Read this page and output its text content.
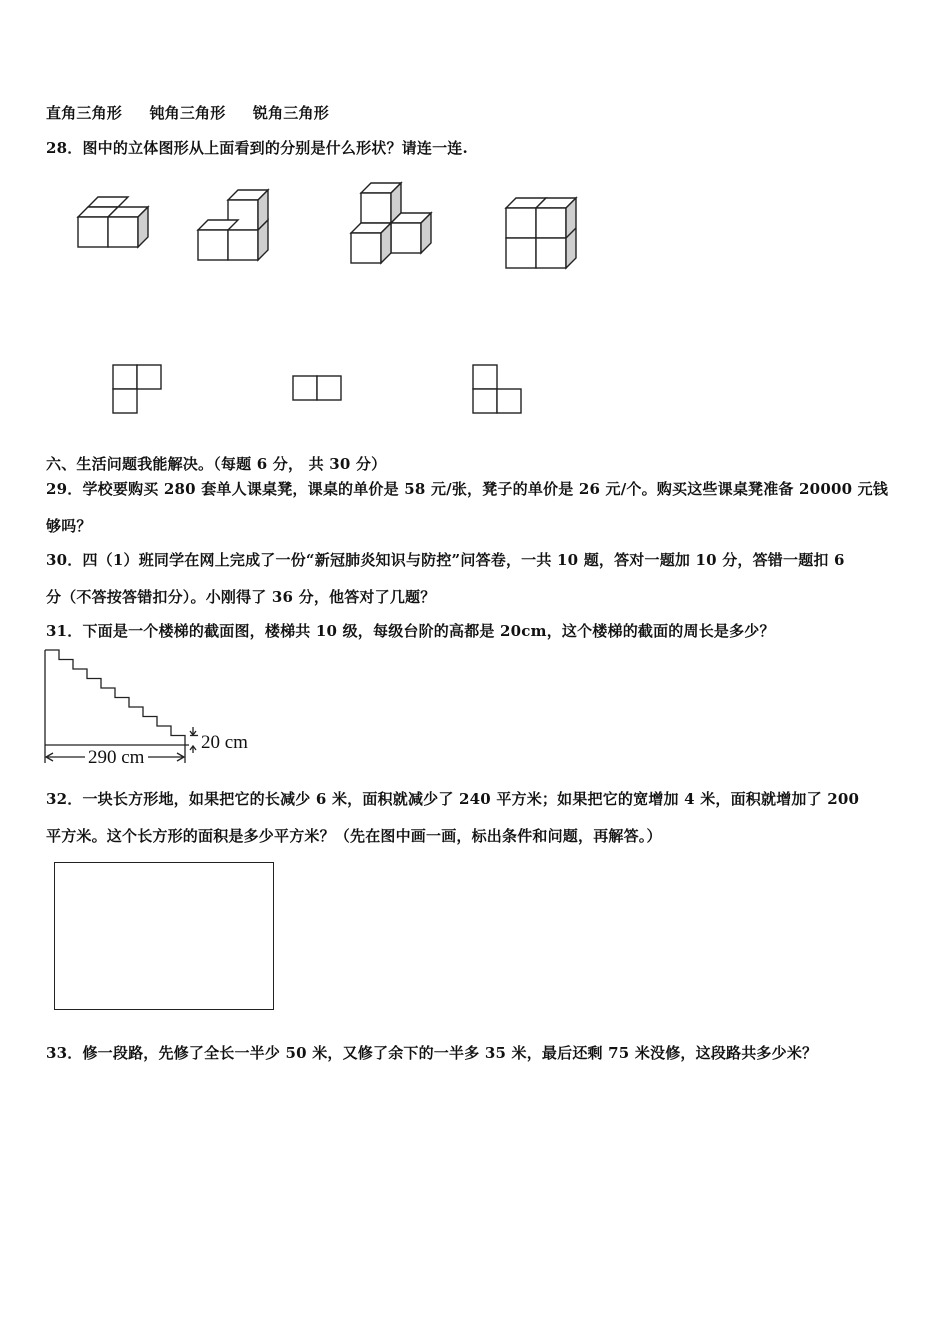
直角三角形 钝角三角形 锐角三角形
28．图中的立体图形从上面看到的分别是什么形状？请连一连.
六、生活问题我能解决。（每题 6 分， 共 30 分）
29．学校要购买 280 套单人课桌凳，课桌的单价是 58 元/张，凳子的单价是 26 元/个。购买这些课桌凳准备 20000 元钱
够吗？
30．四（1）班同学在网上完成了一份“新冠肺炎知识与防控”问答卷，一共 10 题，答对一题加 10 分，答错一题扣 6
分（不答按答错扣分）。小刚得了 36 分，他答对了几题？
31．下面是一个楼梯的截面图，楼梯共 10 级，每级台阶的高都是 20cm，这个楼梯的截面的周长是多少？
290 cm
20 cm
32．一块长方形地，如果把它的长减少 6 米，面积就减少了 240 平方米；如果把它的宽增加 4 米，面积就增加了 200
平方米。这个长方形的面积是多少平方米？（先在图中画一画，标出条件和问题，再解答。）
33．修一段路，先修了全长一半少 50 米，又修了余下的一半多 35 米，最后还剩 75 米没修，这段路共多少米？
